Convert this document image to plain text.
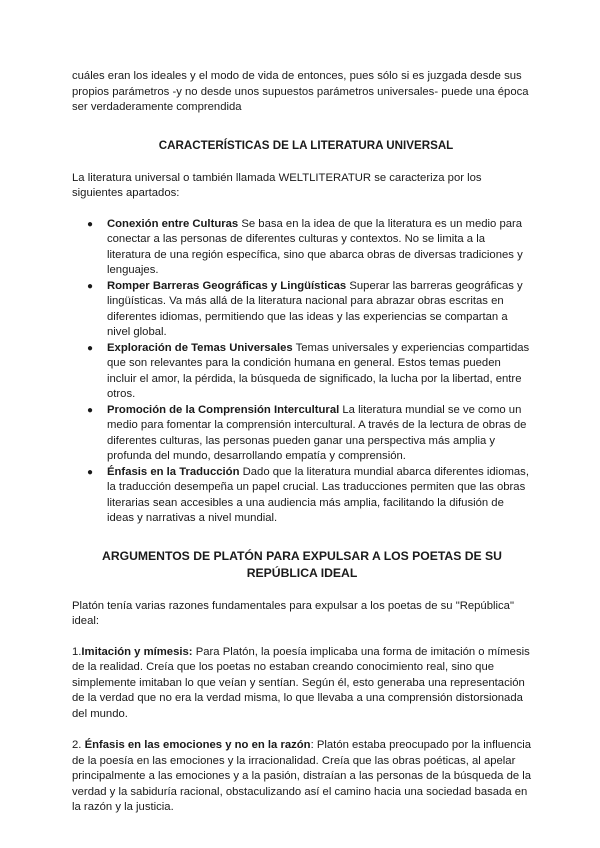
cuáles eran los ideales y el modo de vida de entonces, pues sólo si es juzgada desde sus propios parámetros -y no desde unos supuestos parámetros universales- puede una época ser verdaderamente comprendida

CARACTERÍSTICAS DE LA LITERATURA UNIVERSAL

La literatura universal o también llamada WELTLITERATUR se caracteriza por los siguientes apartados:

● Conexión entre Culturas Se basa en la idea de que la literatura es un medio para conectar a las personas de diferentes culturas y contextos. No se limita a la literatura de una región específica, sino que abarca obras de diversas tradiciones y lenguajes.
● Romper Barreras Geográficas y Lingüísticas Superar las barreras geográficas y lingüísticas. Va más allá de la literatura nacional para abrazar obras escritas en diferentes idiomas, permitiendo que las ideas y las experiencias se compartan a nivel global.
● Exploración de Temas Universales Temas universales y experiencias compartidas que son relevantes para la condición humana en general. Estos temas pueden incluir el amor, la pérdida, la búsqueda de significado, la lucha por la libertad, entre otros.
● Promoción de la Comprensión Intercultural La literatura mundial se ve como un medio para fomentar la comprensión intercultural. A través de la lectura de obras de diferentes culturas, las personas pueden ganar una perspectiva más amplia y profunda del mundo, desarrollando empatía y comprensión.
● Énfasis en la Traducción Dado que la literatura mundial abarca diferentes idiomas, la traducción desempeña un papel crucial. Las traducciones permiten que las obras literarias sean accesibles a una audiencia más amplia, facilitando la difusión de ideas y narrativas a nivel mundial.
ARGUMENTOS DE PLATÓN PARA EXPULSAR A LOS POETAS DE SU REPÚBLICA IDEAL

Platón tenía varias razones fundamentales para expulsar a los poetas de su "República" ideal:

1.Imitación y mímesis: Para Platón, la poesía implicaba una forma de imitación o mímesis de la realidad. Creía que los poetas no estaban creando conocimiento real, sino que simplemente imitaban lo que veían y sentían. Según él, esto generaba una representación de la verdad que no era la verdad misma, lo que llevaba a una comprensión distorsionada del mundo.

2. Énfasis en las emociones y no en la razón: Platón estaba preocupado por la influencia de la poesía en las emociones y la irracionalidad. Creía que las obras poéticas, al apelar principalmente a las emociones y a la pasión, distraían a las personas de la búsqueda de la verdad y la sabiduría racional, obstaculizando así el camino hacia una sociedad basada en la razón y la justicia.
